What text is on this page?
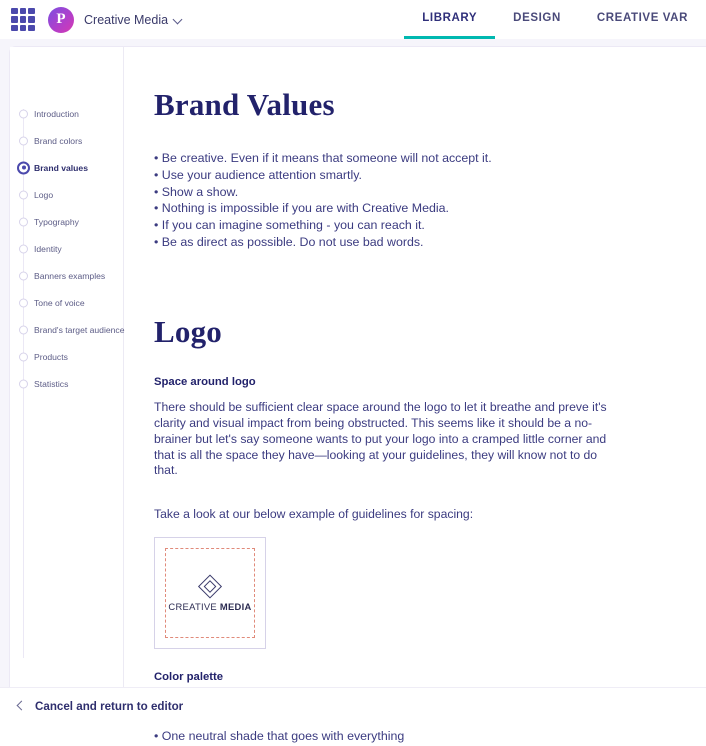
P
Creative Media	LIBRARY	DESIGN	CREATIVE VAR
Introduction
Brand colors
Brand values
Logo
Typography
Identity
Banners examples
Tone of voice
Brand's target audience
Products
Statistics
Brand Values
• Be creative. Even if it means that someone will not accept it.
• Use your audience attention smartly.
• Show a show.
• Nothing is impossible if you are with Creative Media.
• If you can imagine something - you can reach it.
• Be as direct as possible. Do not use bad words.
Logo
Space around logo

There should be sufficient clear space around the logo to let it breathe and preve it's clarity and visual impact from being obstructed. This seems like it should be a no-brainer but let's say someone wants to put your logo into a cramped little corner and that is all the space they have—looking at your guidelines, they will know not to do that.

Take a look at our below example of guidelines for spacing:

CREATIVE MEDIA
Color palette
•
•
• One neutral shade that goes with everything
Cancel and return to editor
